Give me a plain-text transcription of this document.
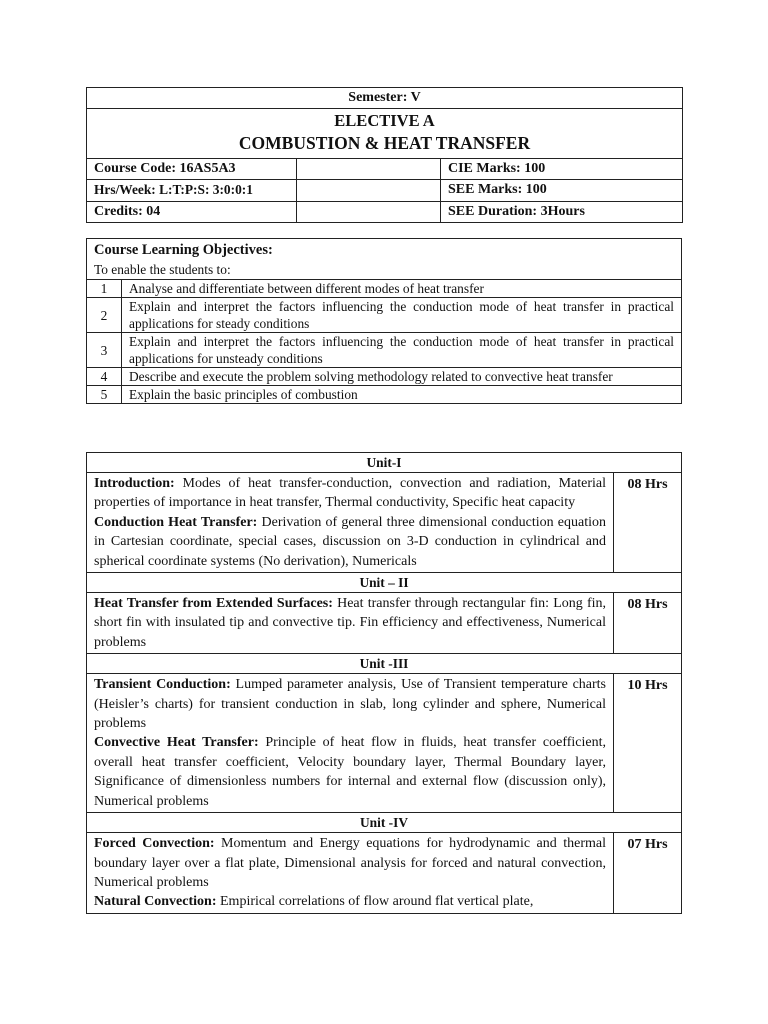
Semester: V		

ELECTIVE A
COMBUSTION & HEAT TRANSFER		

Course Code: 16AS5A3		CIE Marks: 100
Hrs/Week: L:T:P:S: 3:0:0:1		SEE Marks: 100
Credits: 04		SEE Duration: 3Hours
Course Learning Objectives:
To enable the students to:	

1	Analyse and differentiate between different modes of heat transfer
2	Explain and interpret the factors influencing the conduction mode of heat transfer in practical applications for steady conditions
3	Explain and interpret the factors influencing the conduction mode of heat transfer in practical applications for unsteady conditions
4	Describe and execute the problem solving methodology related to convective heat transfer
5	Explain the basic principles of combustion
Unit-I	

Introduction: Modes of heat transfer-conduction, convection and radiation, Material properties of importance in heat transfer, Thermal conductivity, Specific heat capacity

Conduction Heat Transfer: Derivation of general three dimensional conduction equation in Cartesian coordinate, special cases, discussion on 3-D conduction in cylindrical and spherical coordinate systems (No derivation), Numericals	08 Hrs
Unit – II	

Heat Transfer from Extended Surfaces: Heat transfer through rectangular fin: Long fin, short fin with insulated tip and convective tip. Fin efficiency and effectiveness, Numerical problems	08 Hrs
Unit -III	

Transient Conduction: Lumped parameter analysis, Use of Transient temperature charts (Heisler’s charts) for transient conduction in slab, long cylinder and sphere, Numerical problems

Convective Heat Transfer: Principle of heat flow in fluids, heat transfer coefficient, overall heat transfer coefficient, Velocity boundary layer, Thermal Boundary layer, Significance of dimensionless numbers for internal and external flow (discussion only), Numerical problems	10 Hrs
Unit -IV	

Forced Convection: Momentum and Energy equations for hydrodynamic and thermal boundary layer over a flat plate, Dimensional analysis for forced and natural convection, Numerical problems

Natural Convection: Empirical correlations of flow around flat vertical plate,	07 Hrs
